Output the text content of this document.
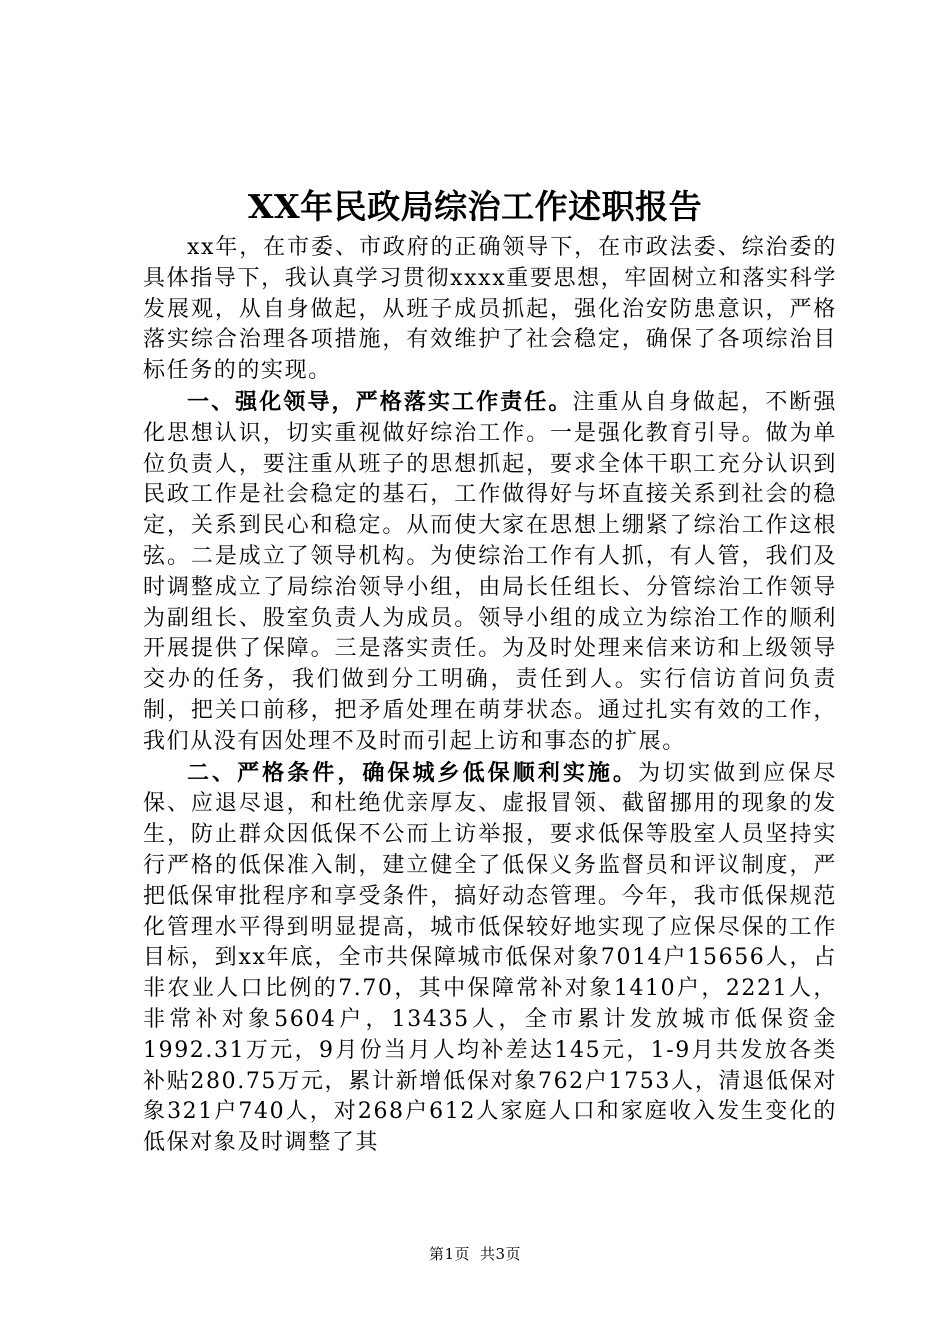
XX年民政局综治工作述职报告

xx年，在市委、市政府的正确领导下，在市政法委、综治委的具体指导下，我认真学习贯彻xxxx重要思想，牢固树立和落实科学发展观，从自身做起，从班子成员抓起，强化治安防患意识，严格落实综合治理各项措施，有效维护了社会稳定，确保了各项综治目标任务的的实现。

一、强化领导，严格落实工作责任。注重从自身做起，不断强化思想认识，切实重视做好综治工作。一是强化教育引导。做为单位负责人，要注重从班子的思想抓起，要求全体干职工充分认识到民政工作是社会稳定的基石，工作做得好与坏直接关系到社会的稳定，关系到民心和稳定。从而使大家在思想上绷紧了综治工作这根弦。二是成立了领导机构。为使综治工作有人抓，有人管，我们及时调整成立了局综治领导小组，由局长任组长、分管综治工作领导为副组长、股室负责人为成员。领导小组的成立为综治工作的顺利开展提供了保障。三是落实责任。为及时处理来信来访和上级领导交办的任务，我们做到分工明确，责任到人。实行信访首问负责制，把关口前移，把矛盾处理在萌芽状态。通过扎实有效的工作，我们从没有因处理不及时而引起上访和事态的扩展。

二、严格条件，确保城乡低保顺利实施。为切实做到应保尽保、应退尽退，和杜绝优亲厚友、虚报冒领、截留挪用的现象的发生，防止群众因低保不公而上访举报，要求低保等股室人员坚持实行严格的低保准入制，建立健全了低保义务监督员和评议制度，严把低保审批程序和享受条件，搞好动态管理。今年，我市低保规范化管理水平得到明显提高，城市低保较好地实现了应保尽保的工作目标，到xx年底，全市共保障城市低保对象7014户15656人，占非农业人口比例的7.70，其中保障常补对象1410户，2221人，非常补对象5604户，13435人，全市累计发放城市低保资金1992.31万元，9月份当月人均补差达145元，1-9月共发放各类补贴280.75万元，累计新增低保对象762户1753人，清退低保对象321户740人，对268户612人家庭人口和家庭收入发生变化的低保对象及时调整了其

第1页 共3页
